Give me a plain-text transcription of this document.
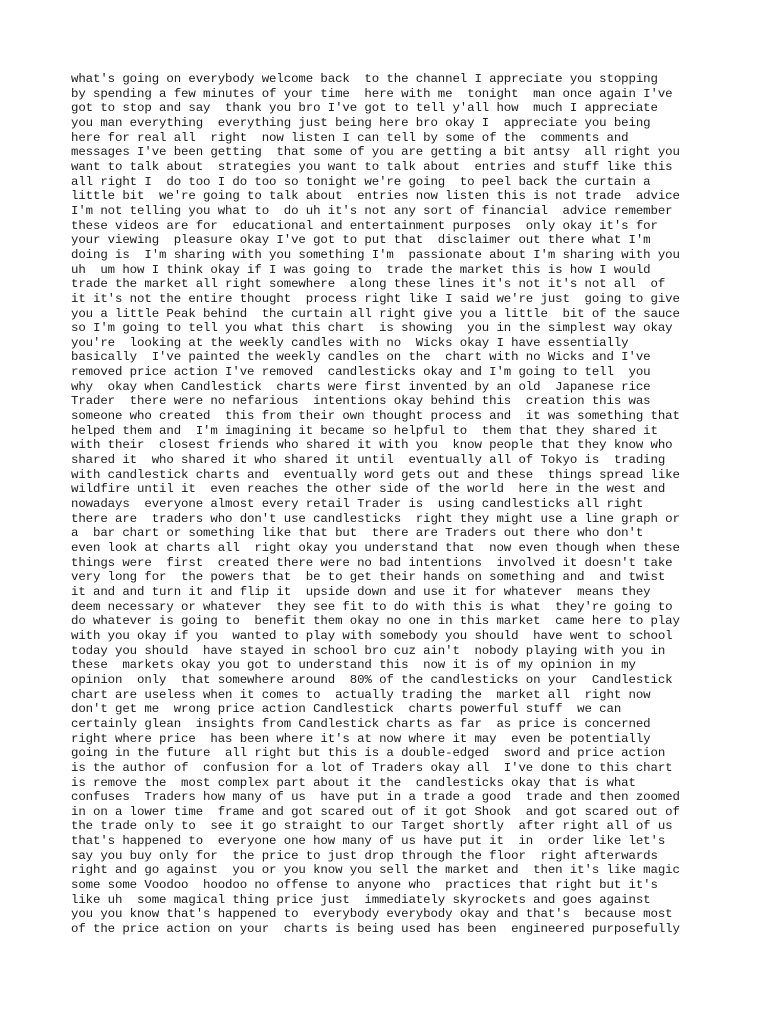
what's going on everybody welcome back  to the channel I appreciate you stopping
by spending a few minutes of your time  here with me  tonight  man once again I've
got to stop and say  thank you bro I've got to tell y'all how  much I appreciate
you man everything  everything just being here bro okay I  appreciate you being
here for real all  right  now listen I can tell by some of the  comments and
messages I've been getting  that some of you are getting a bit antsy  all right you
want to talk about  strategies you want to talk about  entries and stuff like this
all right I  do too I do too so tonight we're going  to peel back the curtain a
little bit  we're going to talk about  entries now listen this is not trade  advice
I'm not telling you what to  do uh it's not any sort of financial  advice remember
these videos are for  educational and entertainment purposes  only okay it's for
your viewing  pleasure okay I've got to put that  disclaimer out there what I'm
doing is  I'm sharing with you something I'm  passionate about I'm sharing with you
uh  um how I think okay if I was going to  trade the market this is how I would
trade the market all right somewhere  along these lines it's not it's not all  of
it it's not the entire thought  process right like I said we're just  going to give
you a little Peak behind  the curtain all right give you a little  bit of the sauce
so I'm going to tell you what this chart  is showing  you in the simplest way okay
you're  looking at the weekly candles with no  Wicks okay I have essentially
basically  I've painted the weekly candles on the  chart with no Wicks and I've
removed price action I've removed  candlesticks okay and I'm going to tell  you
why  okay when Candlestick  charts were first invented by an old  Japanese rice
Trader  there were no nefarious  intentions okay behind this  creation this was
someone who created  this from their own thought process and  it was something that
helped them and  I'm imagining it became so helpful to  them that they shared it
with their  closest friends who shared it with you  know people that they know who
shared it  who shared it who shared it until  eventually all of Tokyo is  trading
with candlestick charts and  eventually word gets out and these  things spread like
wildfire until it  even reaches the other side of the world  here in the west and
nowadays  everyone almost every retail Trader is  using candlesticks all right
there are  traders who don't use candlesticks  right they might use a line graph or
a  bar chart or something like that but  there are Traders out there who don't
even look at charts all  right okay you understand that  now even though when these
things were  first  created there were no bad intentions  involved it doesn't take
very long for  the powers that  be to get their hands on something and  and twist
it and and turn it and flip it  upside down and use it for whatever  means they
deem necessary or whatever  they see fit to do with this is what  they're going to
do whatever is going to  benefit them okay no one in this market  came here to play
with you okay if you  wanted to play with somebody you should  have went to school
today you should  have stayed in school bro cuz ain't  nobody playing with you in
these  markets okay you got to understand this  now it is of my opinion in my
opinion  only  that somewhere around  80% of the candlesticks on your  Candlestick
chart are useless when it comes to  actually trading the  market all  right now
don't get me  wrong price action Candlestick  charts powerful stuff  we can
certainly glean  insights from Candlestick charts as far  as price is concerned
right where price  has been where it's at now where it may  even be potentially
going in the future  all right but this is a double-edged  sword and price action
is the author of  confusion for a lot of Traders okay all  I've done to this chart
is remove the  most complex part about it the  candlesticks okay that is what
confuses  Traders how many of us  have put in a trade a good  trade and then zoomed
in on a lower time  frame and got scared out of it got Shook  and got scared out of
the trade only to  see it go straight to our Target shortly  after right all of us
that's happened to  everyone one how many of us have put it  in  order like let's
say you buy only for  the price to just drop through the floor  right afterwards
right and go against  you or you know you sell the market and  then it's like magic
some some Voodoo  hoodoo no offense to anyone who  practices that right but it's
like uh  some magical thing price just  immediately skyrockets and goes against
you you know that's happened to  everybody everybody okay and that's  because most
of the price action on your  charts is being used has been  engineered purposefully
